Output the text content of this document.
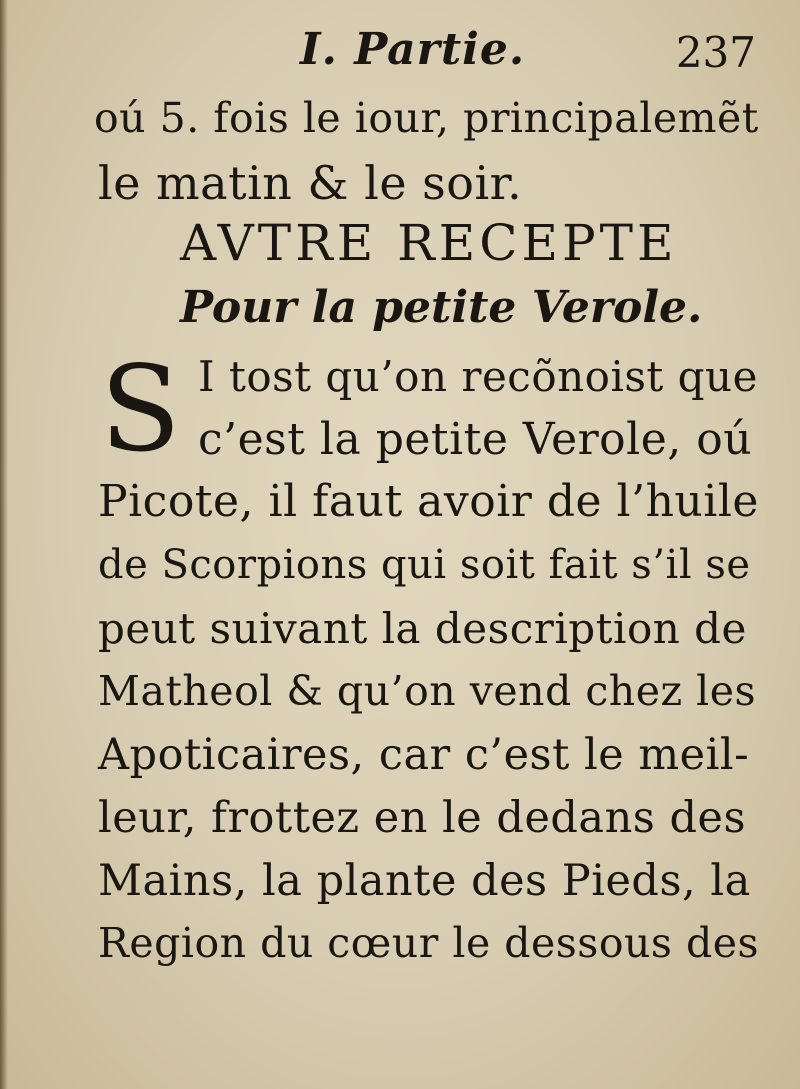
I. Partie.	237
oú 5. fois le iour, principalemẽt
le matin & le soir.
AVTRE RECEPTE
Pour la petite Verole.
S I tost qu’on recõnoist que
c’est la petite Verole, oú
Picote, il faut avoir de l’huile
de Scorpions qui soit fait s’il se
peut suivant la description de
Matheol & qu’on vend chez les
Apoticaires, car c’est le meil-
leur, frottez en le dedans des
Mains, la plante des Pieds, la
Region du cœur le dessous des
